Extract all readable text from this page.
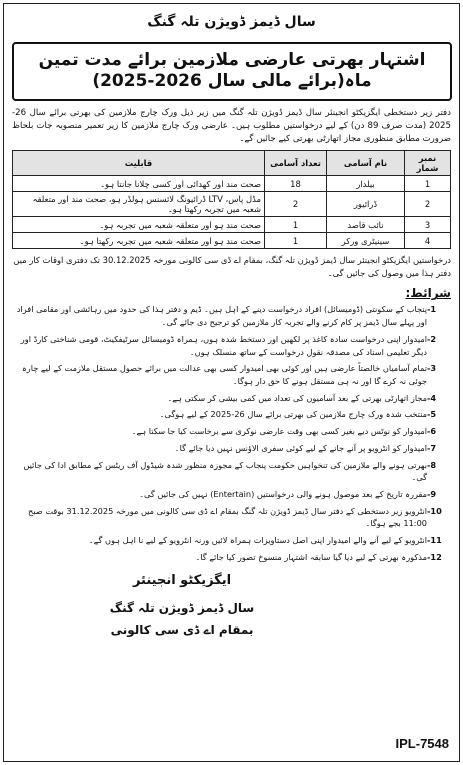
سال ڈیمز ڈویژن تلہ گنگ
اشتہار بھرتی عارضی ملازمین برائے مدت تمین ماہ(برائے مالی سال 2026-2025)
دفتر زیر دستخطی ایگزیکٹو انجینئر سال ڈیمز ڈویژن تلہ گنگ میں زیر ذیل ورک چارج ملازمین کی بھرتی برائے سال 26-2025 (مدت صرف 89 دن) کے لیے درخواستیں مطلوب ہیں۔ عارضی ورک چارج ملازمین کا زیر تعمیر منصوبہ جات بلحاظ ضرورت مطابق منظوری مجاز اتھارٹی بھرتی کیے جائیں گے۔
نمبر شمار	نام آسامی	تعداد آسامی	قابلیت
1	بیلدار	18	صحت مند اور کھدائی اور کسی چلانا جانتا ہو۔
2	ڈرائیور	2	مڈل پاس، LTV ڈرائیونگ لائسنس ہولڈر ہو، صحت مند اور متعلقہ شعبہ میں تجربہ رکھتا ہو۔
3	نائب قاصد	1	صحت مند ہو اور متعلقہ شعبہ میں تجربہ ہو۔
4	سینیٹری ورکر	1	صحت مند ہو اور متعلقہ شعبہ میں تجربہ رکھتا ہو۔
درخواستیں ایگزیکٹو انجینئر سال ڈیمز ڈویژن تلہ گنگ، بمقام اے ڈی سی کالونی مورخہ 30.12.2025 تک دفتری اوقات کار میں دفتر ہذا میں وصول کی جائیں گی۔
شرائط:
-1
پنجاب کے سکونتی (ڈومیسائل) افراد درخواست دینے کے اہل ہیں۔ ڈیم و دفتر ہذا کی حدود میں رہائشی اور مقامی افراد اور پہلے سال ڈیمز پر کام کرنے والے تجربہ کار ملازمین کو ترجیح دی جائے گی۔
-2
امیدوار اپنی درخواست سادہ کاغذ پر لکھیں اور دستخط شدہ ہوں، ہمراہ ڈومیسائل سرٹیفکیٹ، قومی شناختی کارڈ اور دیگر تعلیمی اسناد کی مصدقہ نقول درخواست کے ساتھ منسلک ہوں۔
-3
تمام آسامیاں خالصتاً عارضی ہیں اور کوئی بھی امیدوار کسی بھی عدالت میں برائے حصول مستقل ملازمت کے لیے چارہ جوئی نہ کرے گا اور نہ ہی مستقل ہونے کا حق دار ہوگا۔
-4
مجاز اتھارٹی بھرتی کے بعد آسامیوں کی تعداد میں کمی بیشی کر سکتی ہے۔
-5
منتخب شدہ ورک چارج ملازمین کی بھرتی برائے سال 26-2025 کے لیے ہوگی۔
-6
امیدوار کو نوٹس دیے بغیر کسی بھی وقت عارضی نوکری سے برخاست کیا جا سکتا ہے۔
-7
امیدوار کو انٹرویو پر آنے جانے کے لیے کوئی سفری الاؤنس نہیں دیا جائے گا۔
-8
بھرتی ہونے والے ملازمین کی تنخواہیں حکومت پنجاب کے مجوزہ منظور شدہ شیڈول آف ریٹس کے مطابق ادا کی جائیں گی۔
-9
مقررہ تاریخ کے بعد موصول ہونے والی درخواستیں (Entertain) نہیں کی جائیں گی۔
-10
انٹرویو زیر دستخطی کے دفتر سال ڈیمز ڈویژن تلہ گنگ بمقام اے ڈی سی کالونی میں مورخہ 31.12.2025 بوقت صبح 11:00 بجے ہوگا۔
-11
انٹرویو کے لیے آنے والے امیدوار اپنی اصل دستاویزات ہمراہ لائیں ورنہ انٹرویو کے لیے نا اہل ہوں گے۔
-12
مذکورہ بھرتی کے لیے دیا گیا سابقہ اشتہار منسوخ تصور کیا جائے گا۔
ایگزیکٹو انجینئر
سال ڈیمز ڈویژن تلہ گنگ
بمقام اے ڈی سی کالونی
IPL-7548
